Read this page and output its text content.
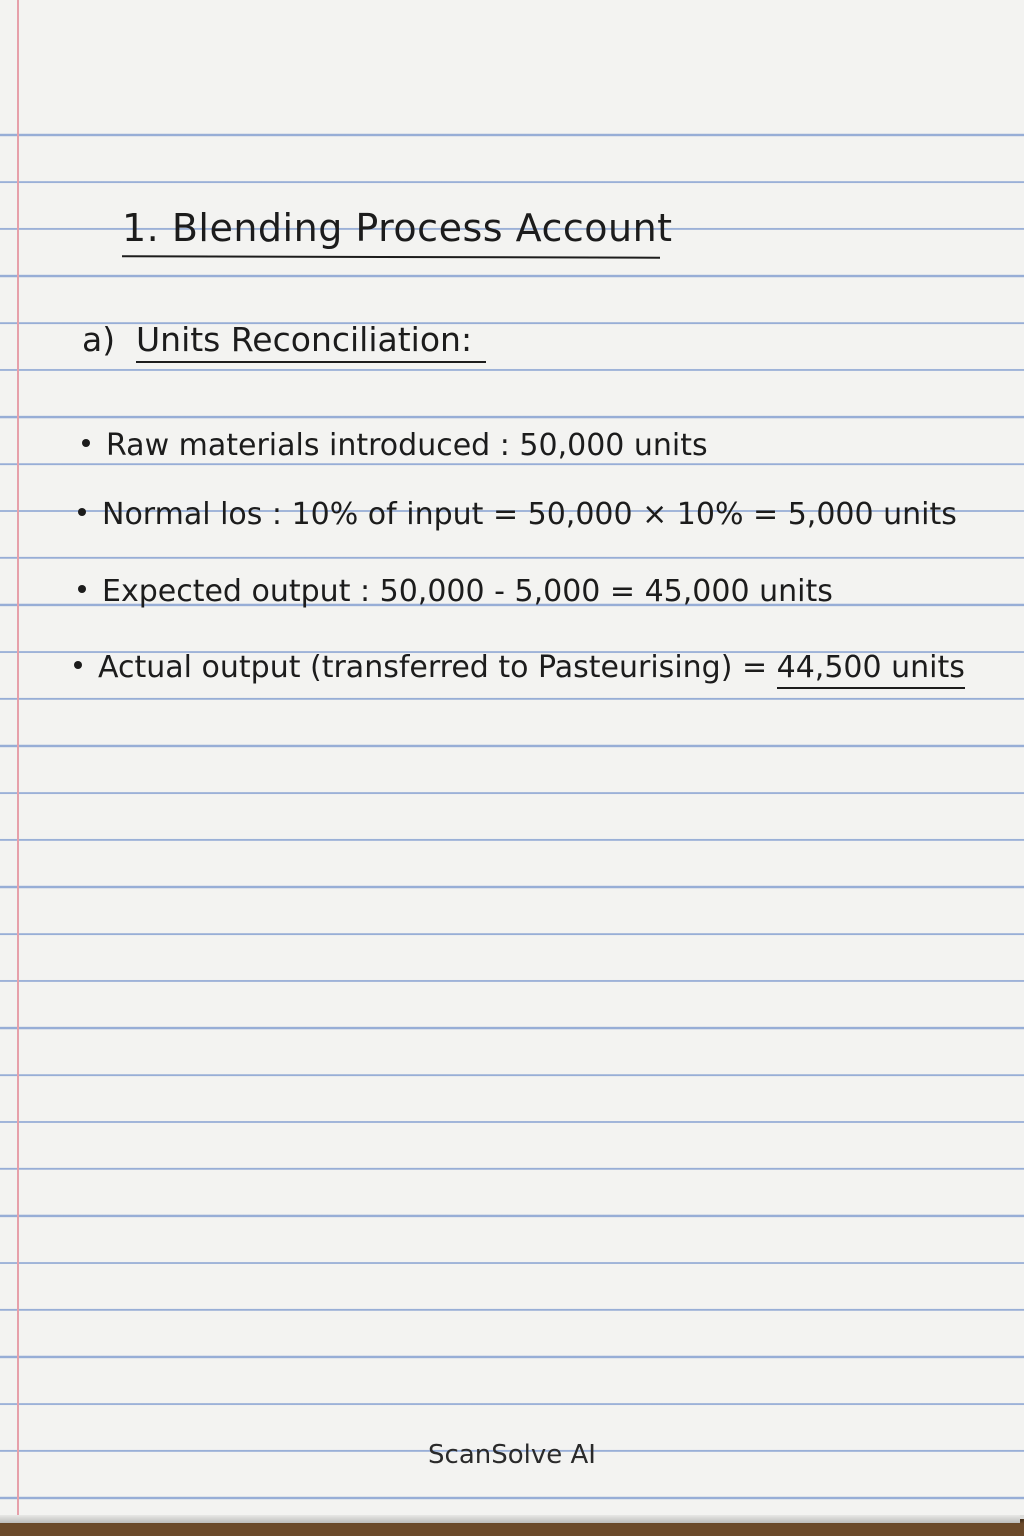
1. Blending Process Account
a) Units Reconciliation:
Raw materials introduced : 50,000 units
Normal los : 10% of input = 50,000 × 10% = 5,000 units
Expected output : 50,000 - 5,000 = 45,000 units
Actual output (transferred to Pasteurising) = 44,500 units
ScanSolve AI
